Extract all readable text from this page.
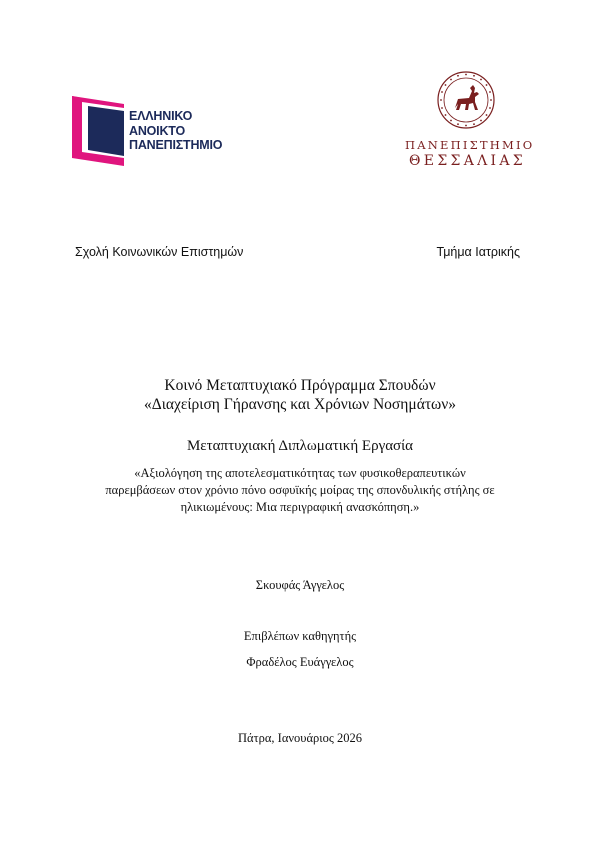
ΕΛΛΗΝΙΚΟ
ΑΝΟΙΚΤΟ
ΠΑΝΕΠΙΣΤΗΜΙΟ	ΠΑΝΕΠΙΣΤΗΜΙΟ
ΘΕΣΣΑΛΙΑΣ
Σχολή Κοινωνικών Επιστημών	Τμήμα Ιατρικής
Κοινό Μεταπτυχιακό Πρόγραμμα Σπουδών
«Διαχείριση Γήρανσης και Χρόνιων Νοσημάτων»
Μεταπτυχιακή Διπλωματική Εργασία
«Αξιολόγηση της αποτελεσματικότητας των φυσικοθεραπευτικών
παρεμβάσεων στον χρόνιο πόνο οσφυϊκής μοίρας της σπονδυλικής στήλης σε
ηλικιωμένους: Μια περιγραφική ανασκόπηση.»
Σκουφάς Άγγελος
Επιβλέπων καθηγητής
Φραδέλος Ευάγγελος
Πάτρα, Ιανουάριος 2026
